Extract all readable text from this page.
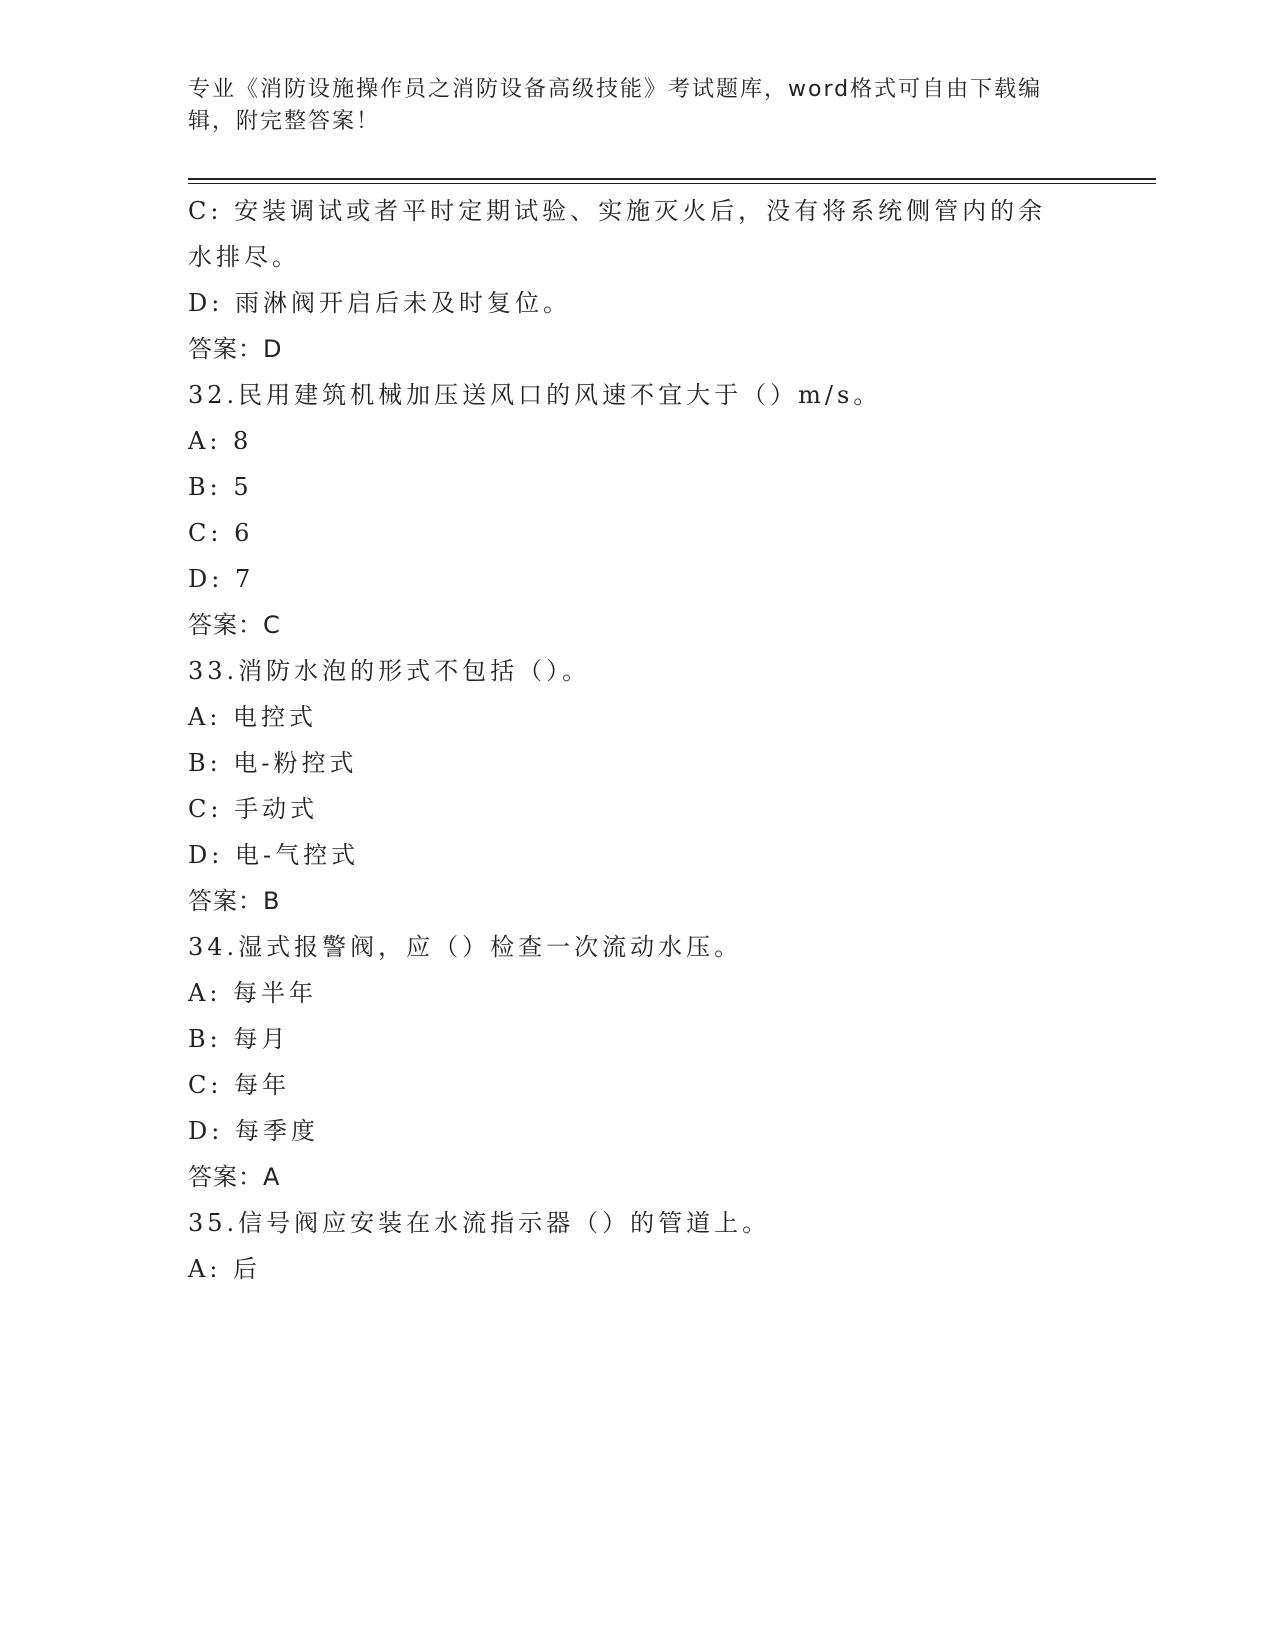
专业《消防设施操作员之消防设备高级技能》考试题库，word格式可自由下载编
辑，附完整答案！
C: 安装调试或者平时定期试验、实施灭火后，没有将系统侧管内的余
水排尽。
D: 雨淋阀开启后未及时复位。
答案：D
32.民用建筑机械加压送风口的风速不宜大于（）m/s。
A: 8
B: 5
C: 6
D: 7
答案：C
33.消防水泡的形式不包括（）。
A: 电控式
B: 电-粉控式
C: 手动式
D: 电-气控式
答案：B
34.湿式报警阀，应（）检查一次流动水压。
A: 每半年
B: 每月
C: 每年
D: 每季度
答案：A
35.信号阀应安装在水流指示器（）的管道上。
A: 后
